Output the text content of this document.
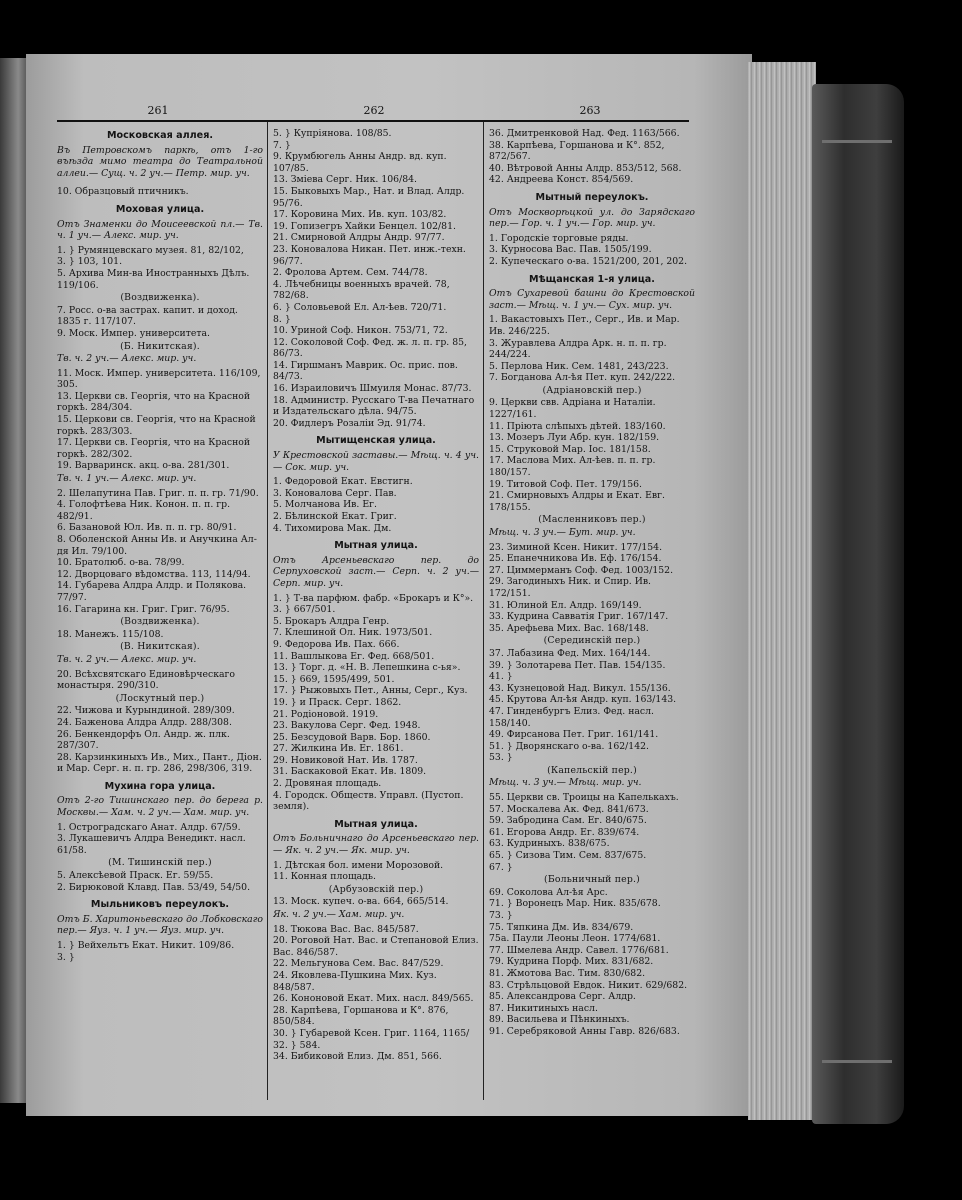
261	262	263
Московская аллея.
Въ Петровскомъ паркѣ, отъ 1-го въѣзда мимо театра до Театральной аллеи.— Сущ. ч. 2 уч.— Петр. мир. уч.
10. Образцовый птичникъ.
Моховая улица.
Отъ Знаменки до Моисеевской пл.— Тв. ч. 1 уч.— Алекс. мир. уч.
1. } Румянцевскаго музея. 81, 82/102,
3. } 103, 101.
5. Архива Мин-ва Иностранныхъ Дѣлъ. 119/106.
(Воздвиженка).
7. Росс. о-ва застрах. капит. и доход. 1835 г. 117/107.
9. Моск. Импер. университета.
(Б. Никитская).
Тв. ч. 2 уч.— Алекс. мир. уч.
11. Моск. Импер. университета. 116/109, 305.
13. Церкви св. Георгія, что на Красной горкѣ. 284/304.
15. Церкови св. Георгія, что на Красной горкѣ. 283/303.
17. Церкви св. Георгія, что на Красной горкѣ. 282/302.
19. Варваринск. акц. о-ва. 281/301.
Тв. ч. 1 уч.— Алекс. мир. уч.
2. Шелапутина Пав. Григ. п. п. гр. 71/90.
4. Голофтѣева Ник. Конон. п. п. гр. 482/91.
6. Базановой Юл. Ив. п. п. гр. 80/91.
8. Оболенской Анны Ив. и Анучкина Ал-дя Ил. 79/100.
10. Братолюб. о-ва. 78/99.
12. Дворцоваго вѣдомства. 113, 114/94.
14. Губарева Алдра Алдр. и Полякова. 77/97.
16. Гагарина кн. Григ. Григ. 76/95.
(Воздвиженка).
18. Манежъ. 115/108.
(В. Никитская).
Тв. ч. 2 уч.— Алекс. мир. уч.
20. Всѣхсвятскаго Единовѣрческаго монастыря. 290/310.
(Лоскутный пер.)
22. Чижова и Курындиной. 289/309.
24. Баженова Алдра Алдр. 288/308.
26. Бенкендорфъ Ол. Андр. ж. плк. 287/307.
28. Карзинкиныхъ Ив., Мих., Пант., Діон. и Мар. Серг. н. п. гр. 286, 298/306, 319.
Мухина гора улица.
Отъ 2-го Тишинскаго пер. до берега р. Москвы.— Хам. ч. 2 уч.— Хам. мир. уч.
1. Остроградскаго Анат. Алдр. 67/59.
3. Лукашевичъ Алдра Венедикт. насл. 61/58.
(М. Тишинскій пер.)
5. Алексѣевой Праск. Ег. 59/55.
2. Бирюковой Клавд. Пав. 53/49, 54/50.
Мыльниковъ переулокъ.
Отъ Б. Харитоньевскаго до Лобковскаго пер.— Яуз. ч. 1 уч.— Яуз. мир. уч.
1. } Вейхельтъ Екат. Никит. 109/86.
3. }
5. } Купріянова. 108/85.
7. }
9. Крумбюгель Анны Андр. вд. куп. 107/85.
13. Зміева Серг. Ник. 106/84.
15. Быковыхъ Мар., Нат. и Влад. Алдр. 95/76.
17. Коровина Мих. Ив. куп. 103/82.
19. Гопизегръ Хайки Бенцел. 102/81.
21. Смирновой Алдры Андр. 97/77.
23. Коновалова Никан. Пет. инж.-техн. 96/77.
2. Фролова Артем. Сем. 744/78.
4. Лѣчебницы военныхъ врачей. 78, 782/68.
6. } Соловьевой Ел. Ал-ѣев. 720/71.
8. }
10. Уриной Соф. Никон. 753/71, 72.
12. Соколовой Соф. Фед. ж. л. п. гр. 85, 86/73.
14. Гиршманъ Маврик. Ос. прис. пов. 84/73.
16. Израиловичъ Шмуиля Монас. 87/73.
18. Администр. Русскаго Т-ва Печатнаго и Издательскаго дѣла. 94/75.
20. Фидлеръ Розаліи Эд. 91/74.
Мытищенская улица.
У Крестовской заставы.— Мѣщ. ч. 4 уч.— Сок. мир. уч.
1. Федоровой Екат. Евстигн.
3. Коновалова Серг. Пав.
5. Молчанова Ив. Ег.
2. Бѣлинской Екат. Григ.
4. Тихомирова Мак. Дм.
Мытная улица.
Отъ Арсеньевскаго пер. до Серпуховской заст.— Серп. ч. 2 уч.— Серп. мир. уч.
1. } Т-ва парфюм. фабр. «Брокаръ и К°».
3. } 667/501.
5. Брокаръ Алдра Генр.
7. Клешиной Ол. Ник. 1973/501.
9. Федорова Ив. Пах. 666.
11. Вашлыкова Ег. Фед. 668/501.
13. } Торг. д. «Н. В. Лепешкина с-ья».
15. } 669, 1595/499, 501.
17. } Рыжовыхъ Пет., Анны, Серг., Куз.
19. } и Праск. Серг. 1862.
21. Родіоновой. 1919.
23. Вакулова Серг. Фед. 1948.
25. Безсудовой Варв. Бор. 1860.
27. Жилкина Ив. Ег. 1861.
29. Новиковой Нат. Ив. 1787.
31. Баскаковой Екат. Ив. 1809.
2. Дровяная площадь.
4. Городск. Обществ. Управл. (Пустоп. земля).
Мытная улица.
Отъ Больничнаго до Арсеньевскаго пер.— Як. ч. 2 уч.— Як. мир. уч.
1. Дѣтская бол. имени Морозовой.
11. Конная площадь.
(Арбузовскій пер.)
13. Моск. купеч. о-ва. 664, 665/514.
Як. ч. 2 уч.— Хам. мир. уч.
18. Тюкова Вас. Вас. 845/587.
20. Роговой Нат. Вас. и Степановой Елиз. Вас. 846/587.
22. Мельгунова Сем. Вас. 847/529.
24. Яковлева-Пушкина Мих. Куз. 848/587.
26. Кононовой Екат. Мих. насл. 849/565.
28. Карпѣева, Горшанова и К°. 876, 850/584.
30. } Губаревой Ксен. Григ. 1164, 1165/
32. } 584.
34. Бибиковой Елиз. Дм. 851, 566.
36. Дмитренковой Над. Фед. 1163/566.
38. Карпѣева, Горшанова и К°. 852, 872/567.
40. Вѣтровой Анны Алдр. 853/512, 568.
42. Андреева Конст. 854/569.
Мытный переулокъ.
Отъ Москворѣцкой ул. до Зарядскаго пер.— Гор. ч. 1 уч.— Гор. мир. уч.
1. Городскіе торговые ряды.
3. Курносова Вас. Пав. 1505/199.
2. Купеческаго о-ва. 1521/200, 201, 202.
Мѣщанская 1-я улица.
Отъ Сухаревой башни до Крестовской заст.— Мѣщ. ч. 1 уч.— Сух. мир. уч.
1. Вакастовыхъ Пет., Серг., Ив. и Мар. Ив. 246/225.
3. Журавлева Алдра Арк. н. п. п. гр. 244/224.
5. Перлова Ник. Сем. 1481, 243/223.
7. Богданова Ал-ѣя Пет. куп. 242/222.
(Адріановскій пер.)
9. Церкви свв. Адріана и Наталіи. 1227/161.
11. Пріюта слѣпыхъ дѣтей. 183/160.
13. Мозеръ Луи Абр. кун. 182/159.
15. Струковой Мар. Іос. 181/158.
17. Маслова Мих. Ал-ѣев. п. п. гр. 180/157.
19. Титовой Соф. Пет. 179/156.
21. Смирновыхъ Алдры и Екат. Евг. 178/155.
(Масленниковъ пер.)
Мѣщ. ч. 3 уч.— Бут. мир. уч.
23. Зиминой Ксен. Никит. 177/154.
25. Епанечникова Ив. Еф. 176/154.
27. Циммерманъ Соф. Фед. 1003/152.
29. Загодиныхъ Ник. и Спир. Ив. 172/151.
31. Юлиной Ел. Алдр. 169/149.
33. Кудрина Савватія Григ. 167/147.
35. Арефьева Мих. Вас. 168/148.
(Серединскій пер.)
37. Лабазина Фед. Мих. 164/144.
39. } Золотарева Пет. Пав. 154/135.
41. }
43. Кузнецовой Над. Викул. 155/136.
45. Крутова Ал-ѣя Андр. куп. 163/143.
47. Гинденбургъ Елиз. Фед. насл. 158/140.
49. Фирсанова Пет. Григ. 161/141.
51. } Дворянскаго о-ва. 162/142.
53. }
(Капельскій пер.)
Мѣщ. ч. 3 уч.— Мѣщ. мир. уч.
55. Церкви св. Троицы на Капелькахъ.
57. Москалева Ак. Фед. 841/673.
59. Забродина Сам. Ег. 840/675.
61. Егорова Андр. Ег. 839/674.
63. Кудриныхъ. 838/675.
65. } Сизова Тим. Сем. 837/675.
67. }
(Больничный пер.)
69. Соколова Ал-ѣя Арс.
71. } Воронецъ Мар. Ник. 835/678.
73. }
75. Тяпкина Дм. Ив. 834/679.
75а. Паули Леоны Леон. 1774/681.
77. Шмелева Андр. Савел. 1776/681.
79. Кудрина Порф. Мих. 831/682.
81. Жмотова Вас. Тим. 830/682.
83. Стрѣльцовой Евдок. Никит. 629/682.
85. Александрова Серг. Алдр.
87. Никитиныхъ насл.
89. Васильева и Пѣнкиныхъ.
91. Серебряковой Анны Гавр. 826/683.
